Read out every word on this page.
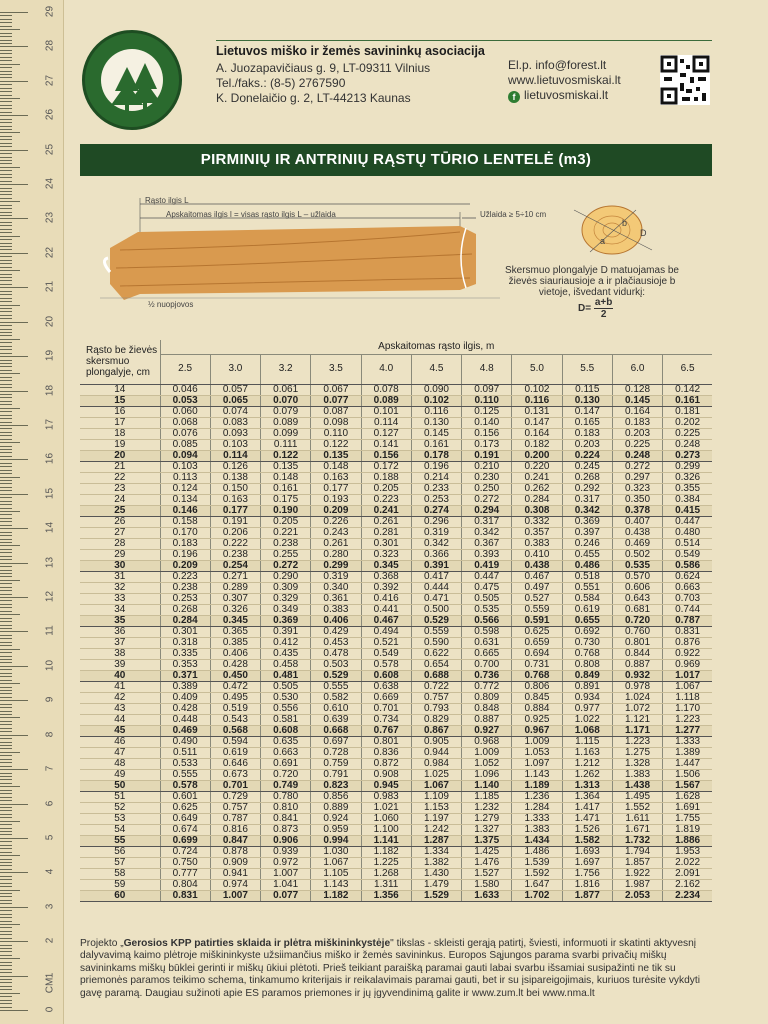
0
1
2
3
4
5
6
7
8
9
10
11
12
13
14
15
16
17
18
19
20
21
22
23
24
25
26
27
28
29
CM
Lietuvos miško ir žemės savininkų asociacija
A. Juozapavičiaus g. 9, LT-09311 Vilnius
Tel./faks.: (8-5) 2767590
K. Donelaičio g. 2, LT-44213 Kaunas
El.p. info@forest.lt
www.lietuvosmiskai.lt
f lietuvosmiskai.lt
PIRMINIŲ IR ANTRINIŲ RĄSTŲ TŪRIO LENTELĖ (m3)
Rąsto ilgis L
Apskaitomas ilgis l = visas rąsto ilgis L – užlaida	Užlaida ≥ 5÷10 cm
½ nuopjovos
D
a
b
Skersmuo plongalyje D matuojamas be žievės siauriausioje a ir plačiausioje b vietoje, išvedant vidurkį:
$D= \frac{a+b}{2}$
Rąsto be žievės skersmuo plongalyje, cm
	Apskaitomas rąsto ilgis, m										
	2.5	3.0	3.2	3.5	4.0	4.5	4.8	5.0	5.5	6.0	6.5
14	0.046	0.057	0.061	0.067	0.078	0.090	0.097	0.102	0.115	0.128	0.142
15	0.053	0.065	0.070	0.077	0.089	0.102	0.110	0.116	0.130	0.145	0.161
16	0.060	0.074	0.079	0.087	0.101	0.116	0.125	0.131	0.147	0.164	0.181
17	0.068	0.083	0.089	0.098	0.114	0.130	0.140	0.147	0.165	0.183	0.202
18	0.076	0.093	0.099	0.110	0.127	0.145	0.156	0.164	0.183	0.203	0.225
19	0.085	0.103	0.111	0.122	0.141	0.161	0.173	0.182	0.203	0.225	0.248
20	0.094	0.114	0.122	0.135	0.156	0.178	0.191	0.200	0.224	0.248	0.273
21	0.103	0.126	0.135	0.148	0.172	0.196	0.210	0.220	0.245	0.272	0.299
22	0.113	0.138	0.148	0.163	0.188	0.214	0.230	0.241	0.268	0.297	0.326
23	0.124	0.150	0.161	0.177	0.205	0.233	0.250	0.262	0.292	0.323	0.355
24	0.134	0.163	0.175	0.193	0.223	0.253	0.272	0.284	0.317	0.350	0.384
25	0.146	0.177	0.190	0.209	0.241	0.274	0.294	0.308	0.342	0.378	0.415
26	0.158	0.191	0.205	0.226	0.261	0.296	0.317	0.332	0.369	0.407	0.447
27	0.170	0.206	0.221	0.243	0.281	0.319	0.342	0.357	0.397	0.438	0.480
28	0.183	0.222	0.238	0.261	0.301	0.342	0.367	0.383	0.246	0.469	0.514
29	0.196	0.238	0.255	0.280	0.323	0.366	0.393	0.410	0.455	0.502	0.549
30	0.209	0.254	0.272	0.299	0.345	0.391	0.419	0.438	0.486	0.535	0.586
31	0.223	0.271	0.290	0.319	0.368	0.417	0.447	0.467	0.518	0.570	0.624
32	0.238	0.289	0.309	0.340	0.392	0.444	0.475	0.497	0.551	0.606	0.663
33	0.253	0.307	0.329	0.361	0.416	0.471	0.505	0.527	0.584	0.643	0.703
34	0.268	0.326	0.349	0.383	0.441	0.500	0.535	0.559	0.619	0.681	0.744
35	0.284	0.345	0.369	0.406	0.467	0.529	0.566	0.591	0.655	0.720	0.787
36	0.301	0.365	0.391	0.429	0.494	0.559	0.598	0.625	0.692	0.760	0.831
37	0.318	0.385	0.412	0.453	0.521	0.590	0.631	0.659	0.730	0.801	0.876
38	0.335	0.406	0.435	0.478	0.549	0.622	0.665	0.694	0.768	0.844	0.922
39	0.353	0.428	0.458	0.503	0.578	0.654	0.700	0.731	0.808	0.887	0.969
40	0.371	0.450	0.481	0.529	0.608	0.688	0.736	0.768	0.849	0.932	1.017
41	0.389	0.472	0.505	0.555	0.638	0.722	0.772	0.806	0.891	0.978	1.067
42	0.409	0.495	0.530	0.582	0.669	0.757	0.809	0.845	0.934	1.024	1.118
43	0.428	0.519	0.556	0.610	0.701	0.793	0.848	0.884	0.977	1.072	1.170
44	0.448	0.543	0.581	0.639	0.734	0.829	0.887	0.925	1.022	1.121	1.223
45	0.469	0.568	0.608	0.668	0.767	0.867	0.927	0.967	1.068	1.171	1.277
46	0.490	0.594	0.635	0.697	0.801	0.905	0.968	1.009	1.115	1.223	1.333
47	0.511	0.619	0.663	0.728	0.836	0.944	1.009	1.053	1.163	1.275	1.389
48	0.533	0.646	0.691	0.759	0.872	0.984	1.052	1.097	1.212	1.328	1.447
49	0.555	0.673	0.720	0.791	0.908	1.025	1.096	1.143	1.262	1.383	1.506
50	0.578	0.701	0.749	0.823	0.945	1.067	1.140	1.189	1.313	1.438	1.567
51	0.601	0.729	0.780	0.856	0.983	1.109	1.185	1.236	1.364	1.495	1.628
52	0.625	0.757	0.810	0.889	1.021	1.153	1.232	1.284	1.417	1.552	1.691
53	0.649	0.787	0.841	0.924	1.060	1.197	1.279	1.333	1.471	1.611	1.755
54	0.674	0.816	0.873	0.959	1.100	1.242	1.327	1.383	1.526	1.671	1.819
55	0.699	0.847	0.906	0.994	1.141	1.287	1.375	1.434	1.582	1.732	1.886
56	0.724	0.878	0.939	1.030	1.182	1.334	1.425	1.486	1.693	1.794	1.953
57	0.750	0.909	0.972	1.067	1.225	1.382	1.476	1.539	1.697	1.857	2.022
58	0.777	0.941	1.007	1.105	1.268	1.430	1.527	1.592	1.756	1.922	2.091
59	0.804	0.974	1.041	1.143	1.311	1.479	1.580	1.647	1.816	1.987	2.162
60	0.831	1.007	0.077	1.182	1.356	1.529	1.633	1.702	1.877	2.053	2.234
Projekto „Gerosios KPP patirties sklaida ir plėtra miškininkystėje" tikslas - skleisti gerąją patirtį, šviesti, informuoti ir skatinti aktyvesnį dalyvavimą kaimo plėtroje miškininkyste užsiimančius miško ir žemės savininkus. Europos Sąjungos parama svarbi privačių miškų savininkams miškų būklei gerinti ir miškų ūkiui plėtoti. Prieš teikiant paraišką paramai gauti labai svarbu išsamiai susipažinti ne tik su priemonės paramos teikimo schema, tinkamumo kriterijais ir reikalavimais paramai gauti, bet ir su įsipareigojimais, kuriuos turėsite vykdyti gavę paramą. Daugiau sužinoti apie ES paramos priemones ir jų įgyvendinimą galite ir www.zum.lt bei www.nma.lt
